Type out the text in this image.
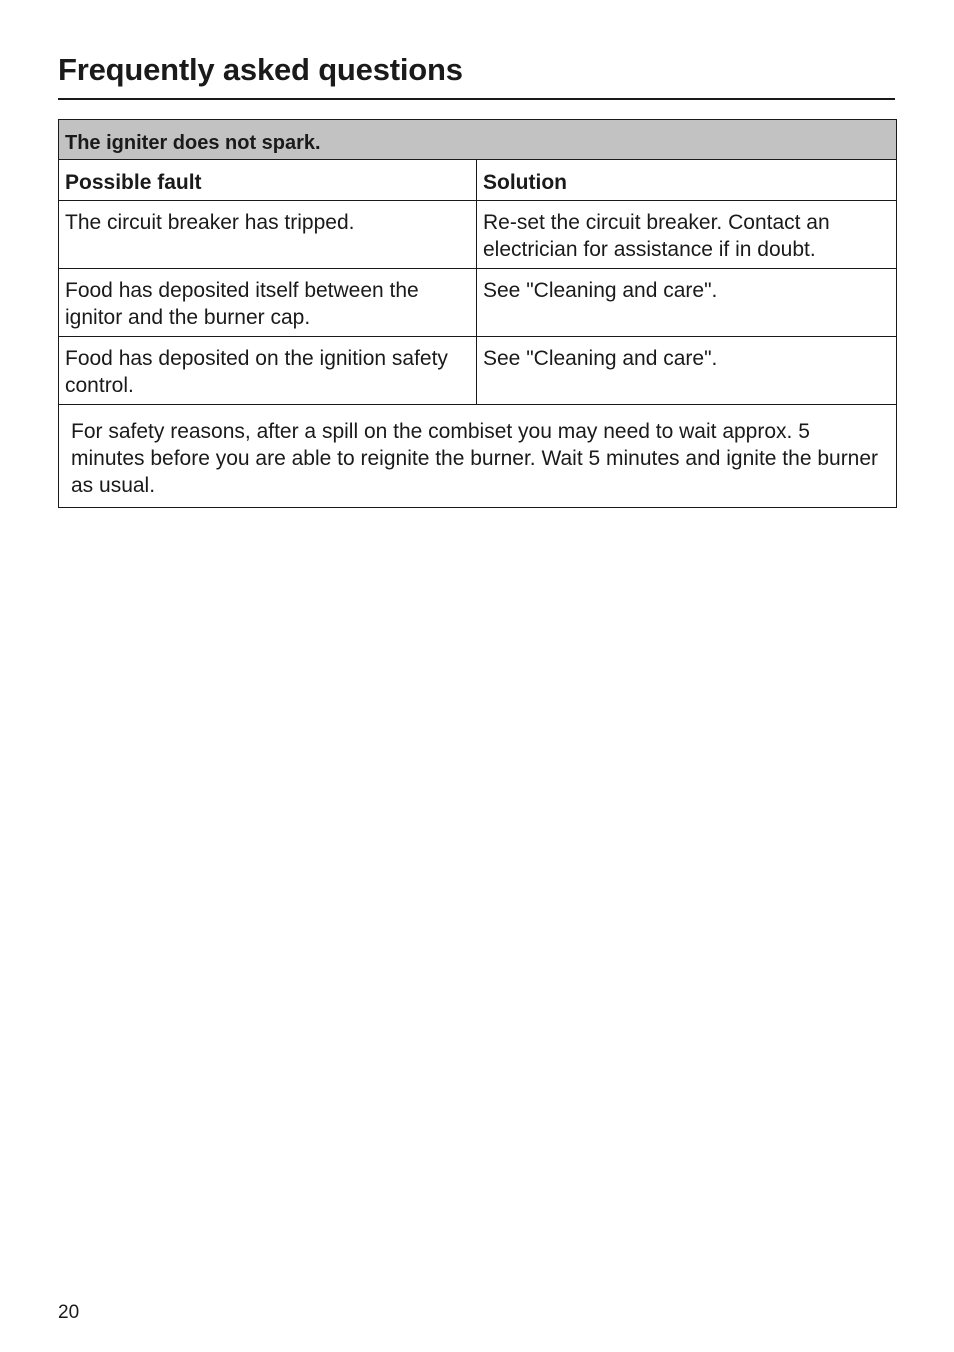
Frequently asked questions
The igniter does not spark.	
Possible fault	Solution
The circuit breaker has tripped.	Re-set the circuit breaker. Contact an electrician for assistance if in doubt.
Food has deposited itself between the ignitor and the burner cap.	See "Cleaning and care".
Food has deposited on the ignition safety control.	See "Cleaning and care".
For safety reasons, after a spill on the combiset you may need to wait approx. 5 minutes before you are able to reignite the burner. Wait 5 minutes and ignite the burner as usual.	
20
